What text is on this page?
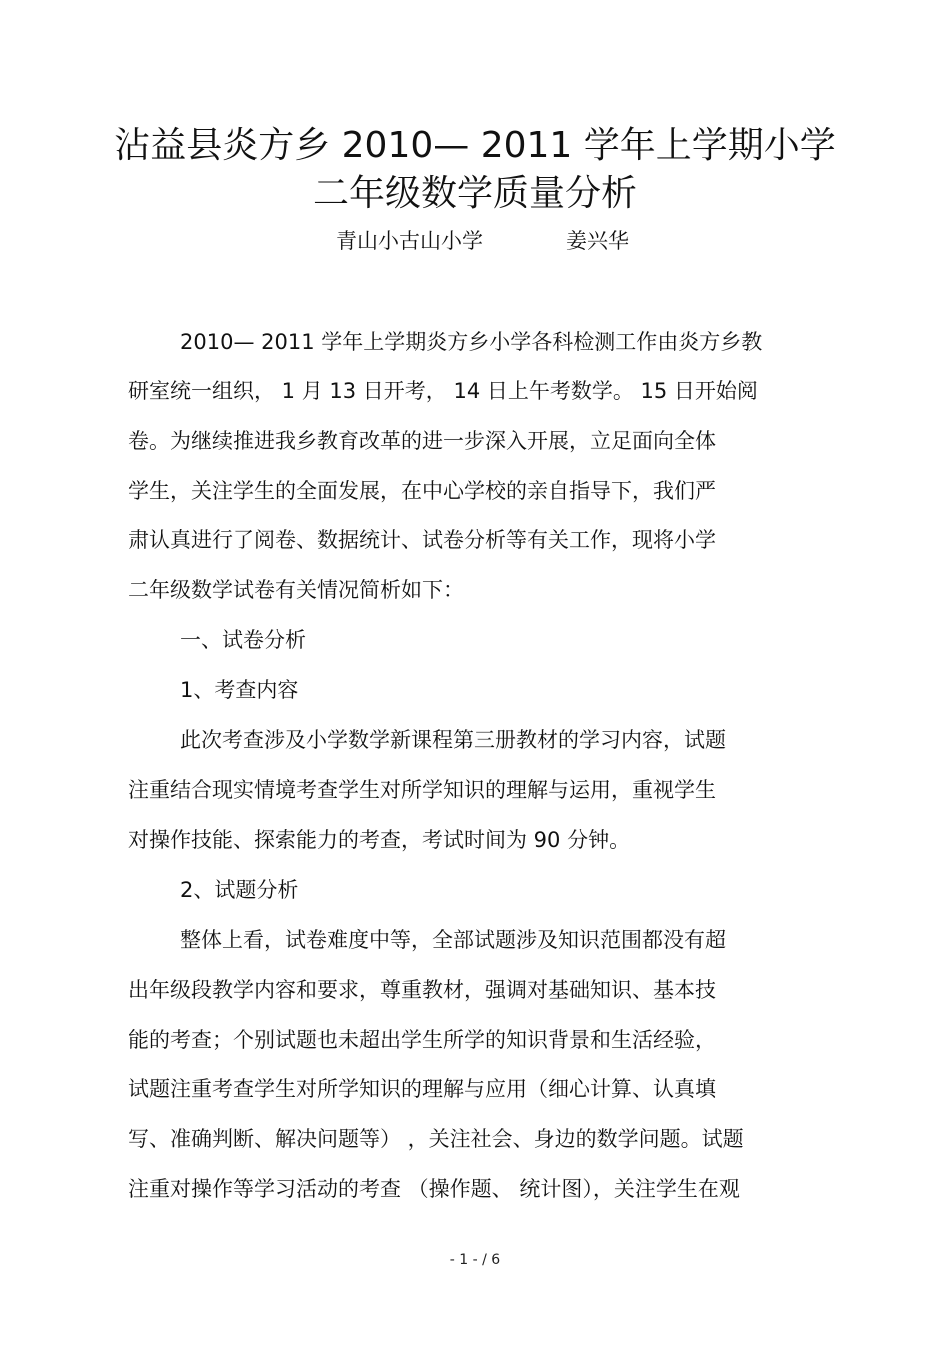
沾益县炎方乡 2010— 2011 学年上学期小学
二年级数学质量分析
青山小古山小学	姜兴华
2010— 2011 学年上学期炎方乡小学各科检测工作由炎方乡教
研室统一组织， 1 月 13 日开考， 14 日上午考数学。 15 日开始阅
卷。为继续推进我乡教育改革的进一步深入开展，立足面向全体
学生，关注学生的全面发展，在中心学校的亲自指导下，我们严
肃认真进行了阅卷、数据统计、试卷分析等有关工作，现将小学
二年级数学试卷有关情况简析如下：
一、试卷分析
1、考查内容
此次考查涉及小学数学新课程第三册教材的学习内容，试题
注重结合现实情境考查学生对所学知识的理解与运用，重视学生
对操作技能、探索能力的考查，考试时间为 90 分钟。
2、试题分析
整体上看，试卷难度中等，全部试题涉及知识范围都没有超
出年级段教学内容和要求，尊重教材，强调对基础知识、基本技
能的考查；个别试题也未超出学生所学的知识背景和生活经验，
试题注重考查学生对所学知识的理解与应用（细心计算、认真填
写、准确判断、解决问题等） ，关注社会、身边的数学问题。试题
注重对操作等学习活动的考查 （操作题、 统计图），关注学生在观
- 1 - / 6
